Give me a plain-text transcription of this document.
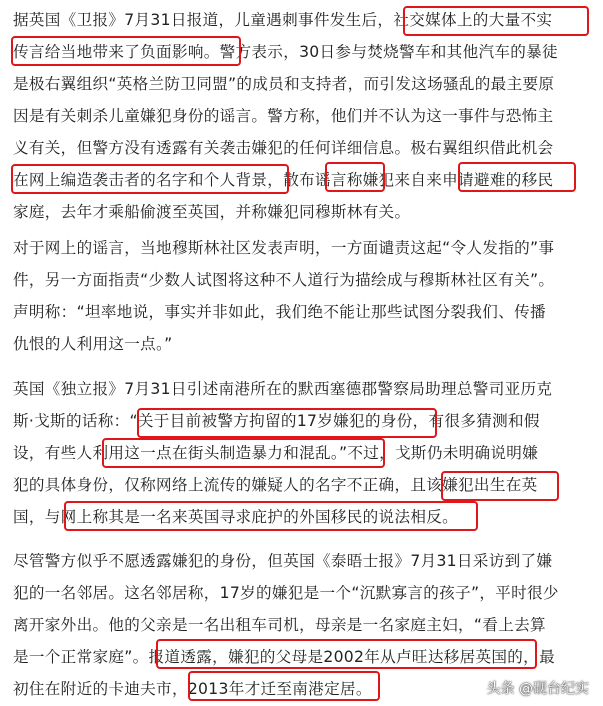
据英国《卫报》7月31日报道，儿童遇刺事件发生后，社交媒体上的大量不实
传言给当地带来了负面影响。警方表示，30日参与焚烧警车和其他汽车的暴徒
是极右翼组织“英格兰防卫同盟”的成员和支持者，而引发这场骚乱的最主要原
因是有关刺杀儿童嫌犯身份的谣言。警方称，他们并不认为这一事件与恐怖主
义有关，但警方没有透露有关袭击嫌犯的任何详细信息。极右翼组织借此机会
在网上编造袭击者的名字和个人背景，散布谣言称嫌犯来自来申请避难的移民
家庭，去年才乘船偷渡至英国，并称嫌犯同穆斯林有关。
对于网上的谣言，当地穆斯林社区发表声明，一方面谴责这起“令人发指的”事
件，另一方面指责“少数人试图将这种不人道行为描绘成与穆斯林社区有关”。
声明称：“坦率地说，事实并非如此，我们绝不能让那些试图分裂我们、传播
仇恨的人利用这一点。”
英国《独立报》7月31日引述南港所在的默西塞德郡警察局助理总警司亚历克
斯·戈斯的话称：“关于目前被警方拘留的17岁嫌犯的身份，有很多猜测和假
设，有些人利用这一点在街头制造暴力和混乱。”不过，戈斯仍未明确说明嫌
犯的具体身份，仅称网络上流传的嫌疑人的名字不正确，且该嫌犯出生在英
国，与网上称其是一名来英国寻求庇护的外国移民的说法相反。
尽管警方似乎不愿透露嫌犯的身份，但英国《泰晤士报》7月31日采访到了嫌
犯的一名邻居。这名邻居称，17岁的嫌犯是一个“沉默寡言的孩子”，平时很少
离开家外出。他的父亲是一名出租车司机，母亲是一名家庭主妇，“看上去算
是一个正常家庭”。报道透露，嫌犯的父母是2002年从卢旺达移居英国的，最
初住在附近的卡迪夫市，2013年才迁至南港定居。	头条 @砚台纪实
